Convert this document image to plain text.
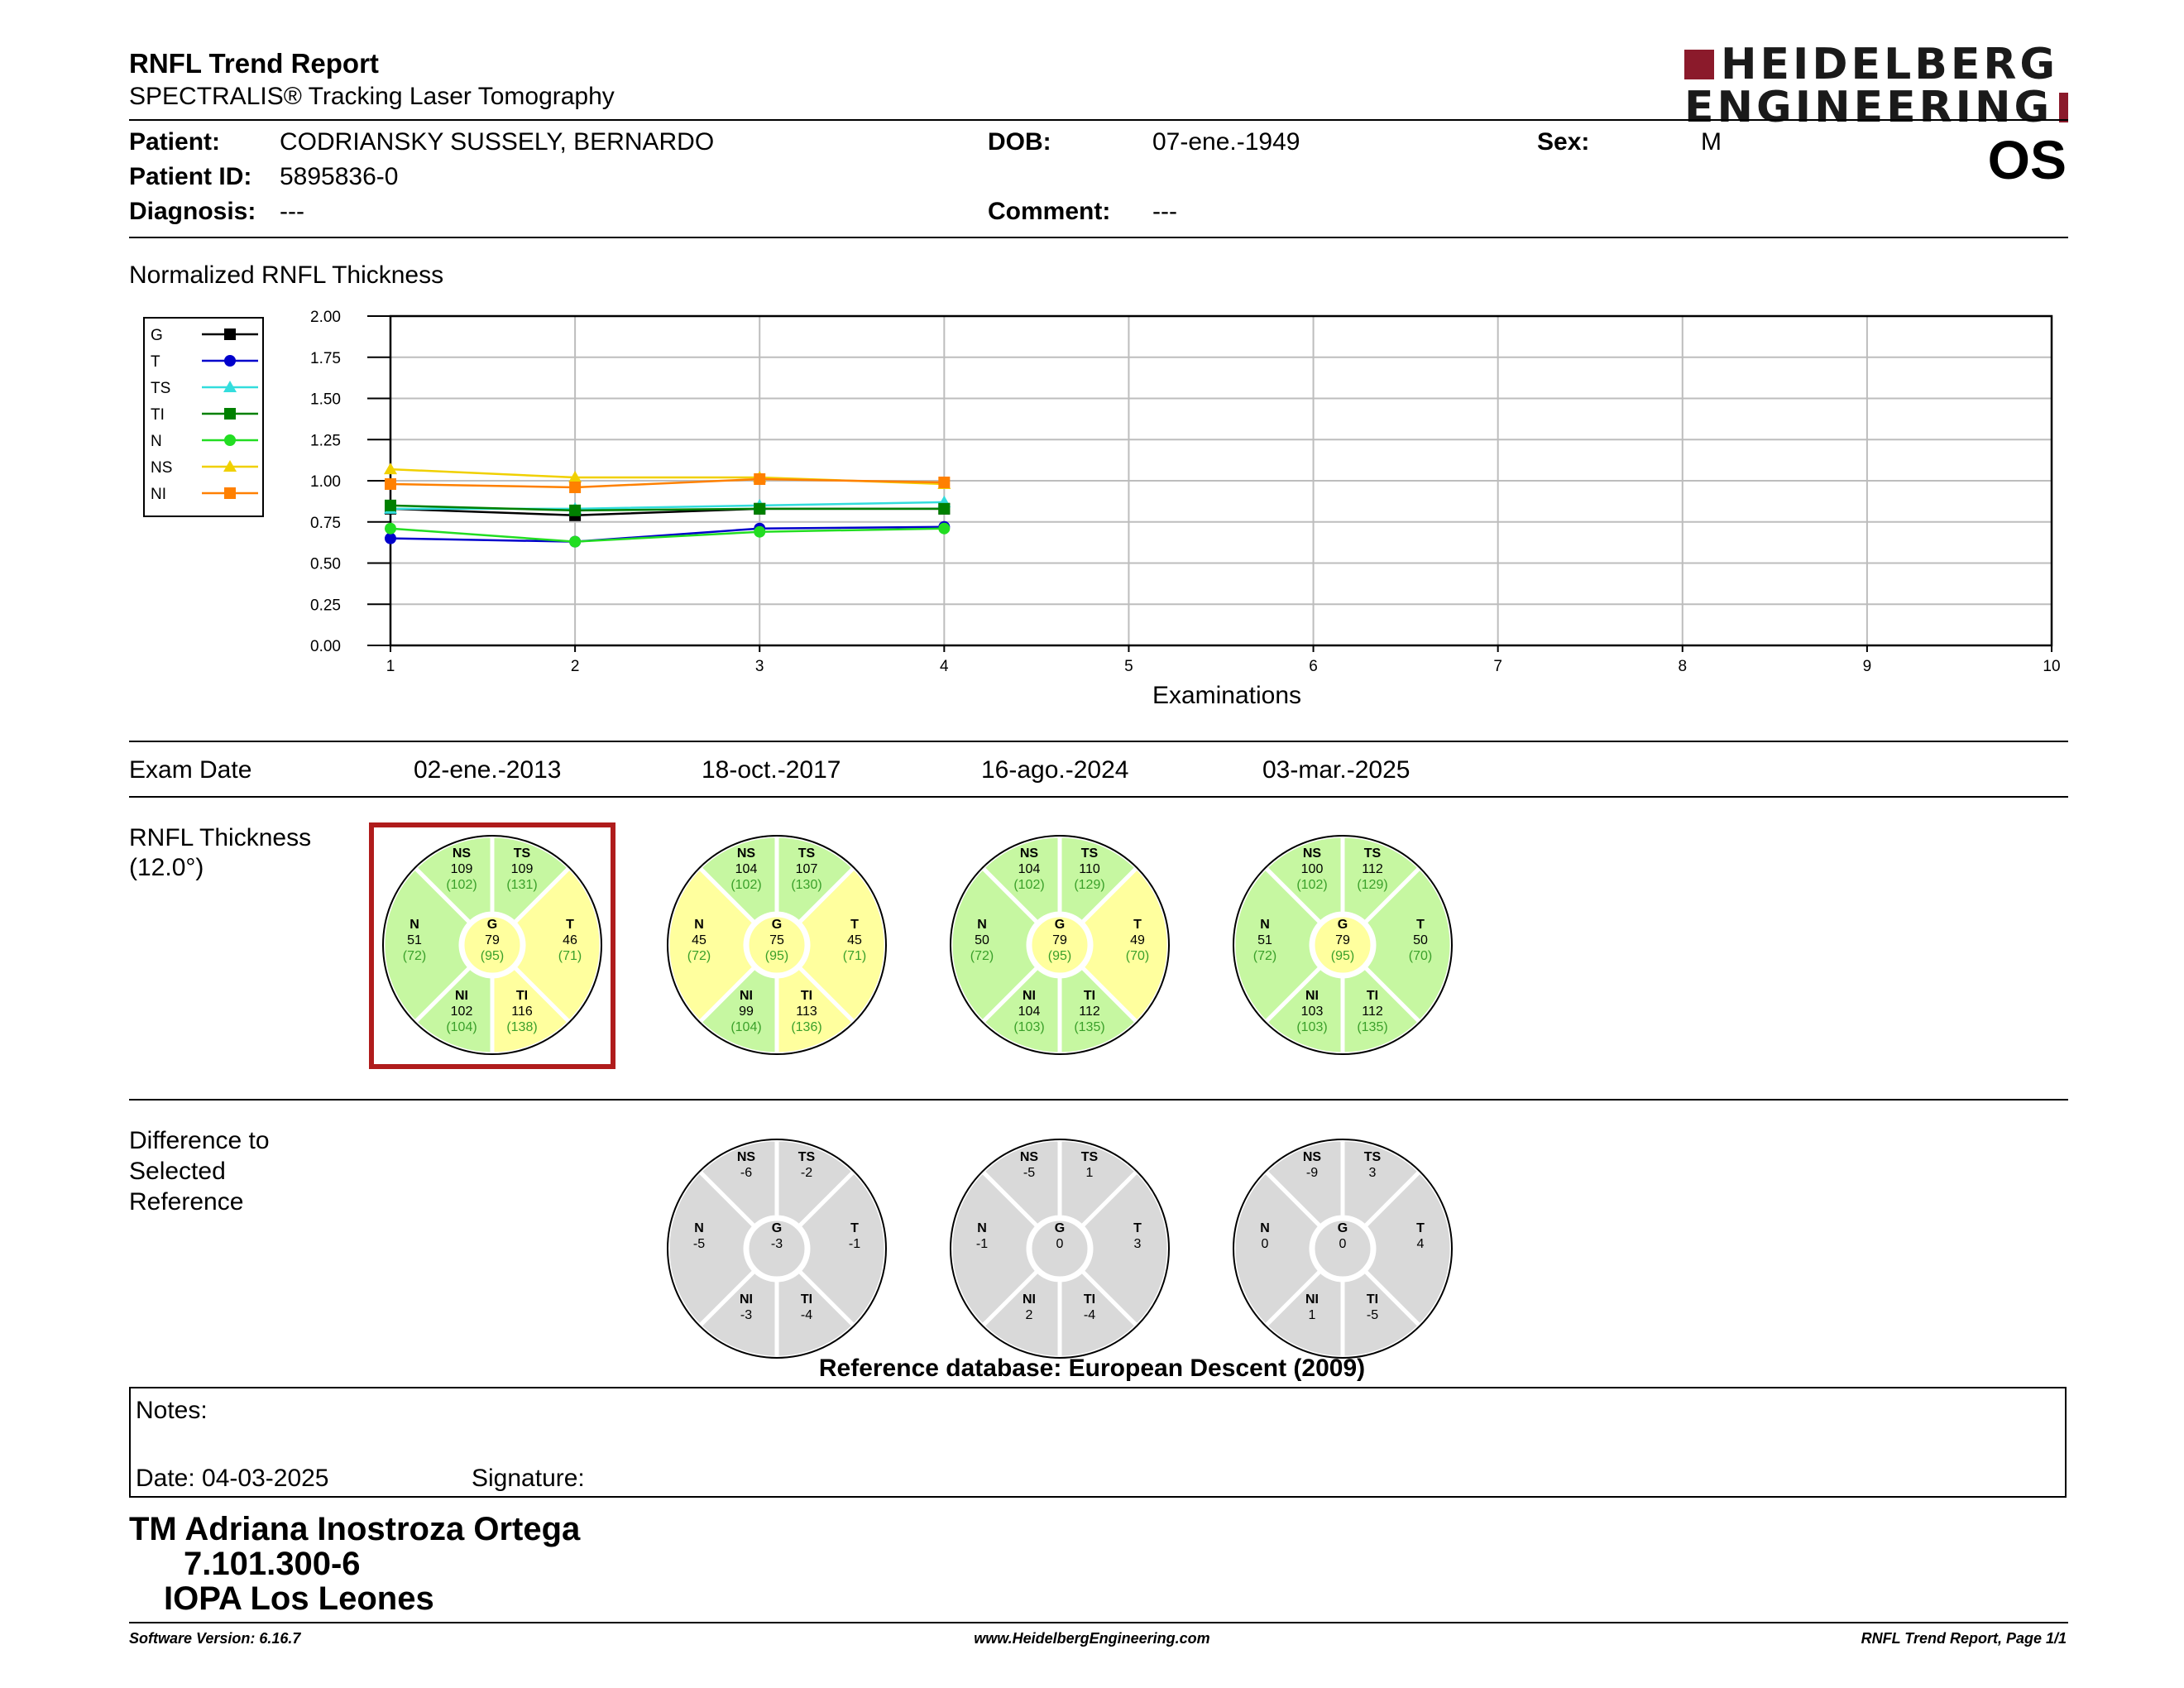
RNFL Trend Report
SPECTRALIS® Tracking Laser Tomography
HEIDELBERG
ENGINEERING
Patient: CODRIANSKY SUSSELY, BERNARDO
Patient ID: 5895836-0
Diagnosis: ---
DOB:	07-ene.-1949
Comment: ---
Sex:	M	OS
Normalized RNFL Thickness
0.00
0.25
0.50
0.75
1.00
1.25
1.50
1.75
2.00
1	2	3	4	5	6	7	8	9	10
G
T
TS
TI
N
NS
NI
Examinations
Exam Date	02-ene.-2013	18-oct.-2017	16-ago.-2024	03-mar.-2025
RNFL Thickness
(12.0°)
NS
109
(102)
TS
109
(131)
N
51
(72)
G
79
(95)
T
46
(71)
NI
102
(104)
TI
116
(138)
NS
104
(102)
TS
107
(130)
N
45
(72)
G
75
(95)
T
45
(71)
NI
99
(104)
TI
113
(136)
NS
104
(102)
TS
110
(129)
N
50
(72)
G
79
(95)
T
49
(70)
NI
104
(103)
TI
112
(135)
NS
100
(102)
TS
112
(129)
N
51
(72)
G
79
(95)
T
50
(70)
NI
103
(103)
TI
112
(135)
NS
-6
TS
-2
N
-5
G
-3
T
-1
NI
-3
TI
-4
NS
-5
TS
1
N
-1
G
0
T
3
NI
2
TI
-4
NS
-9
TS
3
N
0
G
0
T
4
NI
1
TI
-5
Difference to
Selected
Reference
Reference database: European Descent (2009)
Notes:
Date: 04-03-2025	Signature:
TM Adriana Inostroza Ortega
7.101.300-6
IOPA Los Leones
Software Version: 6.16.7	www.HeidelbergEngineering.com	RNFL Trend Report, Page 1/1
